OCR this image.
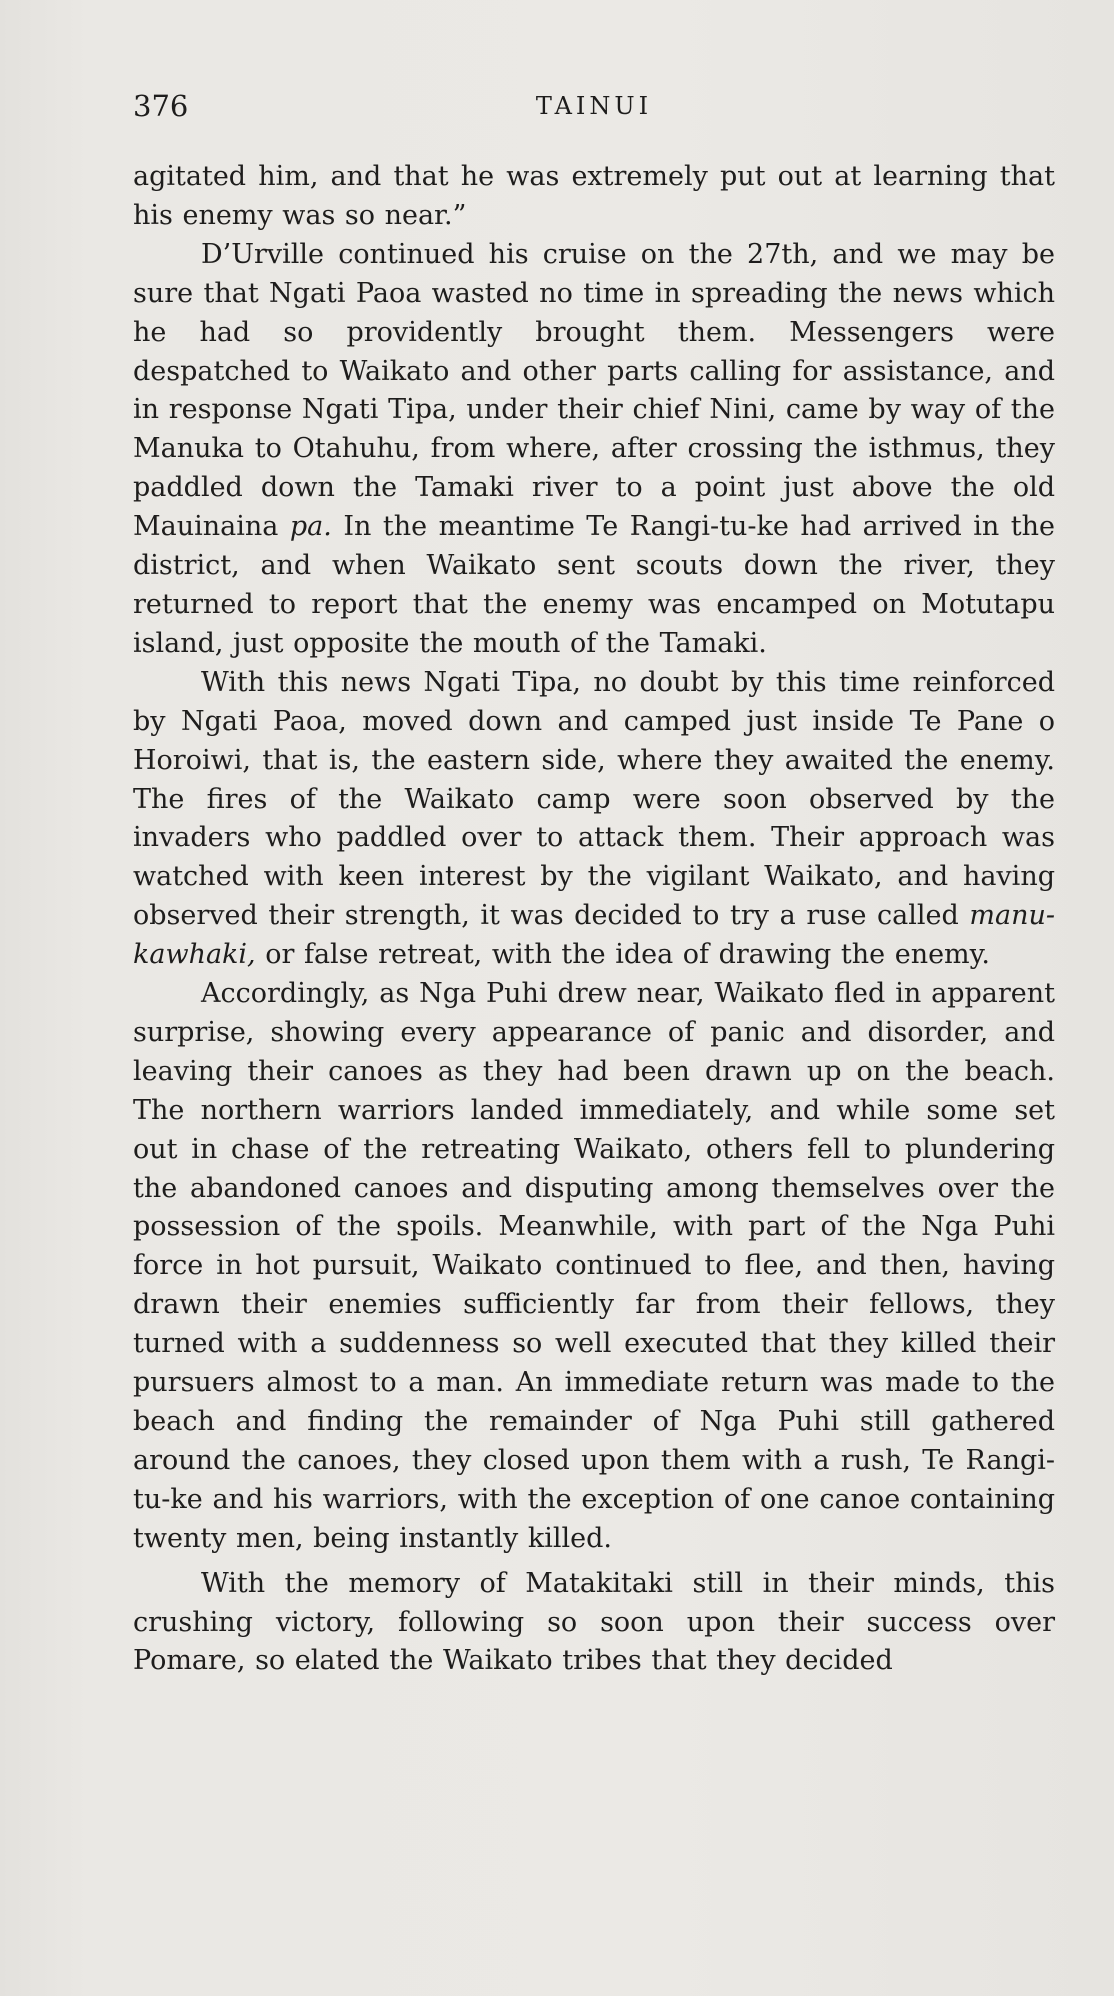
376	TAINUI

agitated him, and that he was extremely put out at learning that his enemy was so near.”

D’Urville continued his cruise on the 27th, and we may be sure that Ngati Paoa wasted no time in spreading the news which he had so providently brought them. Messengers were despatched to Waikato and other parts calling for assistance, and in response Ngati Tipa, under their chief Nini, came by way of the Manuka to Otahuhu, from where, after crossing the isthmus, they paddled down the Tamaki river to a point just above the old Mauinaina pa. In the meantime Te Rangi-tu-ke had arrived in the district, and when Waikato sent scouts down the river, they returned to report that the enemy was encamped on Motutapu island, just opposite the mouth of the Tamaki.

With this news Ngati Tipa, no doubt by this time reinforced by Ngati Paoa, moved down and camped just inside Te Pane o Horoiwi, that is, the eastern side, where they awaited the enemy. The fires of the Waikato camp were soon observed by the invaders who paddled over to attack them. Their approach was watched with keen interest by the vigilant Waikato, and having observed their strength, it was decided to try a ruse called manu-kawhaki, or false retreat, with the idea of drawing the enemy.

Accordingly, as Nga Puhi drew near, Waikato fled in apparent surprise, showing every appearance of panic and disorder, and leaving their canoes as they had been drawn up on the beach. The northern warriors landed immediately, and while some set out in chase of the retreating Waikato, others fell to plundering the abandoned canoes and disputing among themselves over the possession of the spoils. Meanwhile, with part of the Nga Puhi force in hot pursuit, Waikato continued to flee, and then, having drawn their enemies sufficiently far from their fellows, they turned with a suddenness so well executed that they killed their pursuers almost to a man. An immediate return was made to the beach and finding the remainder of Nga Puhi still gathered around the canoes, they closed upon them with a rush, Te Rangi-tu-ke and his warriors, with the exception of one canoe containing twenty men, being instantly killed.

With the memory of Matakitaki still in their minds, this crushing victory, following so soon upon their success over Pomare, so elated the Waikato tribes that they decided
